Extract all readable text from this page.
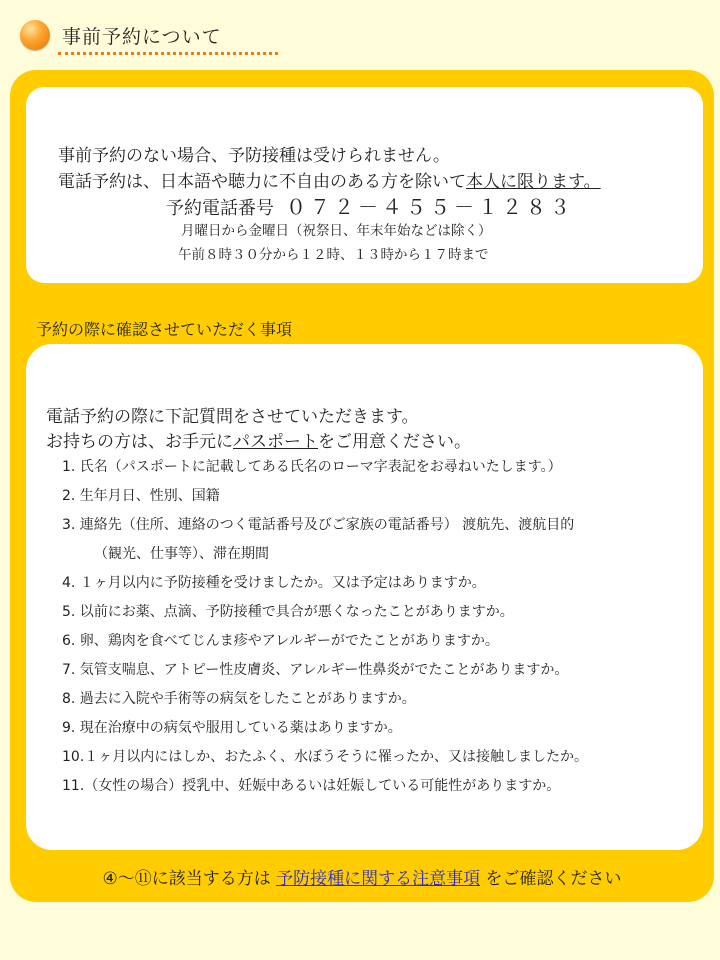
事前予約について
事前予約のない場合、予防接種は受けられません。
電話予約は、日本語や聴力に不自由のある方を除いて本人に限ります。
予約電話番号 ０７２－４５５－１２８３
月曜日から金曜日（祝祭日、年末年始などは除く）
午前８時３０分から１２時、１３時から１７時まで
予約の際に確認させていただく事項
電話予約の際に下記質問をさせていただきます。
お持ちの方は、お手元にパスポートをご用意ください。
1. 氏名（パスポートに記載してある氏名のローマ字表記をお尋ねいたします。）
2. 生年月日、性別、国籍
3. 連絡先（住所、連絡のつく電話番号及びご家族の電話番号） 渡航先、渡航目的
（観光、仕事等）、滞在期間
4. １ヶ月以内に予防接種を受けましたか。又は予定はありますか。
5. 以前にお薬、点滴、予防接種で具合が悪くなったことがありますか。
6. 卵、鶏肉を食べてじんま疹やアレルギーがでたことがありますか。
7. 気管支喘息、アトピー性皮膚炎、アレルギー性鼻炎がでたことがありますか。
8. 過去に入院や手術等の病気をしたことがありますか。
9. 現在治療中の病気や服用している薬はありますか。
10.１ヶ月以内にはしか、おたふく、水ぼうそうに罹ったか、又は接触しましたか。
11.（女性の場合）授乳中、妊娠中あるいは妊娠している可能性がありますか。
④～⑪に該当する方は 予防接種に関する注意事項 をご確認ください
